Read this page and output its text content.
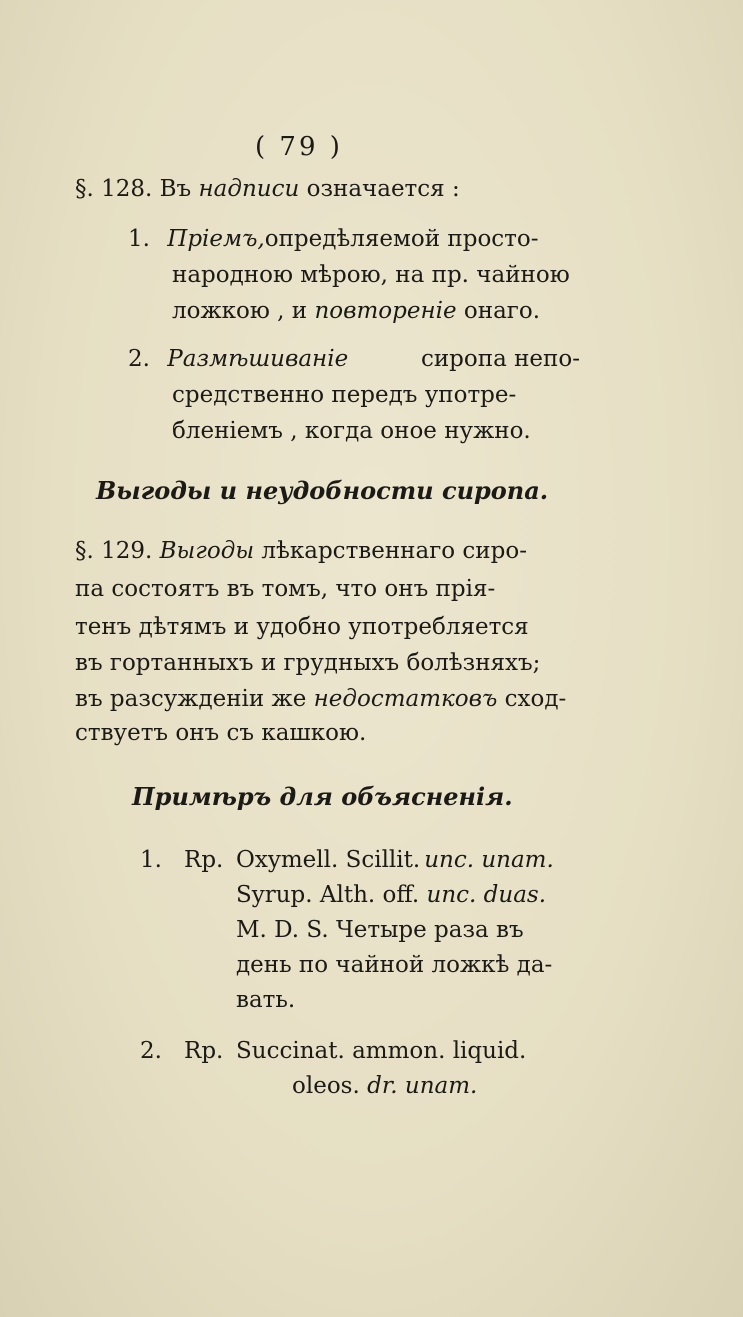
( 79 )
§. 128. Въ надписи означается :
1. Пріемъ,опредѣляемой просто-
народною мѣрою, на пр. чайною
ложкою , и повтореніе онаго.
2. Размѣшиваніе	сиропа непо-
средственно передъ употре-
бленіемъ , когда оное нужно.
Выгоды и неудобности сиропа.
§. 129. Выгоды лѣкарственнаго сиро-
па состоятъ въ томъ, что онъ прія-
тенъ дѣтямъ и удобно употребляется
въ гортанныхъ и грудныхъ болѣзняхъ;
въ разсужденіи же недостатковъ сход-
ствуетъ онъ съ кашкою.
Примѣръ для объясненія.
1. Rp. Oxymell. Scillit. unc. unam.
Syrup. Alth. off. unc. duas.
M. D. S. Четыре раза въ
день по чайной ложкѣ да-
вать.
2. Rp. Succinat. ammon. liquid.
oleos. dr. unam.
